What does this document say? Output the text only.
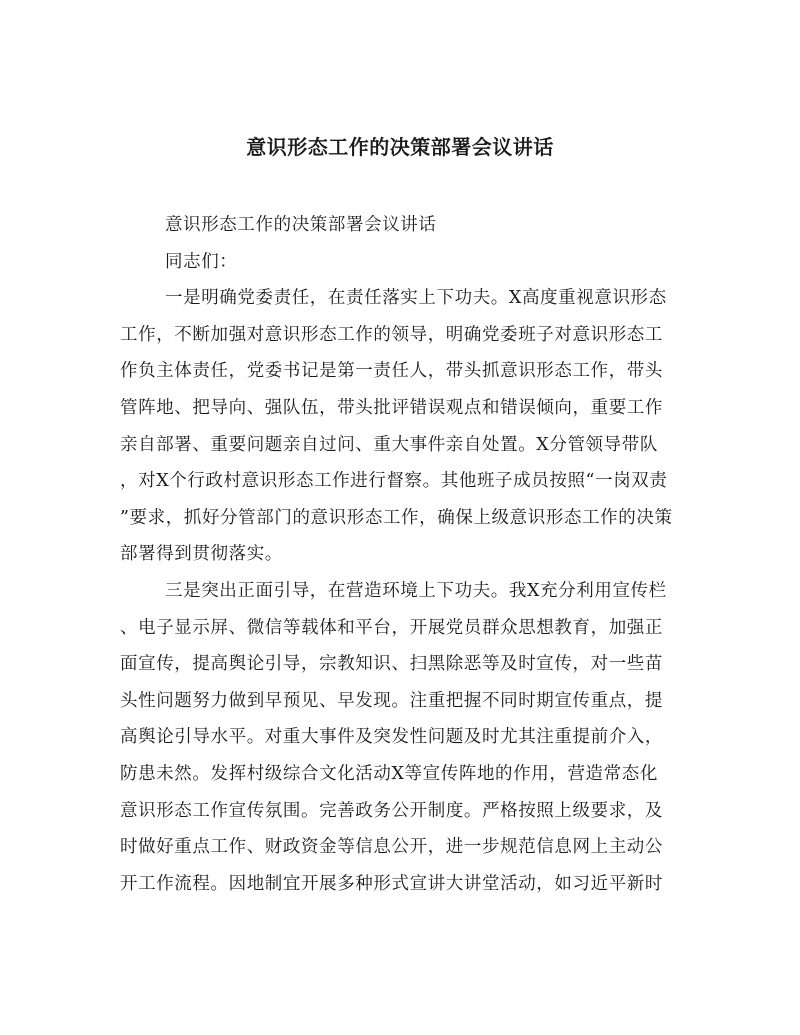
意识形态工作的决策部署会议讲话
意识形态工作的决策部署会议讲话
同志们：
一是明确党委责任，在责任落实上下功夫。X高度重视意识形态
工作，不断加强对意识形态工作的领导，明确党委班子对意识形态工
作负主体责任，党委书记是第一责任人，带头抓意识形态工作，带头
管阵地、把导向、强队伍，带头批评错误观点和错误倾向，重要工作
亲自部署、重要问题亲自过问、重大事件亲自处置。X分管领导带队
，对X个行政村意识形态工作进行督察。其他班子成员按照“一岗双责
”要求，抓好分管部门的意识形态工作，确保上级意识形态工作的决策
部署得到贯彻落实。
三是突出正面引导，在营造环境上下功夫。我X充分利用宣传栏
、电子显示屏、微信等载体和平台，开展党员群众思想教育，加强正
面宣传，提高舆论引导，宗教知识、扫黑除恶等及时宣传，对一些苗
头性问题努力做到早预见、早发现。注重把握不同时期宣传重点，提
高舆论引导水平。对重大事件及突发性问题及时尤其注重提前介入，
防患未然。发挥村级综合文化活动X等宣传阵地的作用，营造常态化
意识形态工作宣传氛围。完善政务公开制度。严格按照上级要求，及
时做好重点工作、财政资金等信息公开，进一步规范信息网上主动公
开工作流程。因地制宜开展多种形式宣讲大讲堂活动，如习近平新时
